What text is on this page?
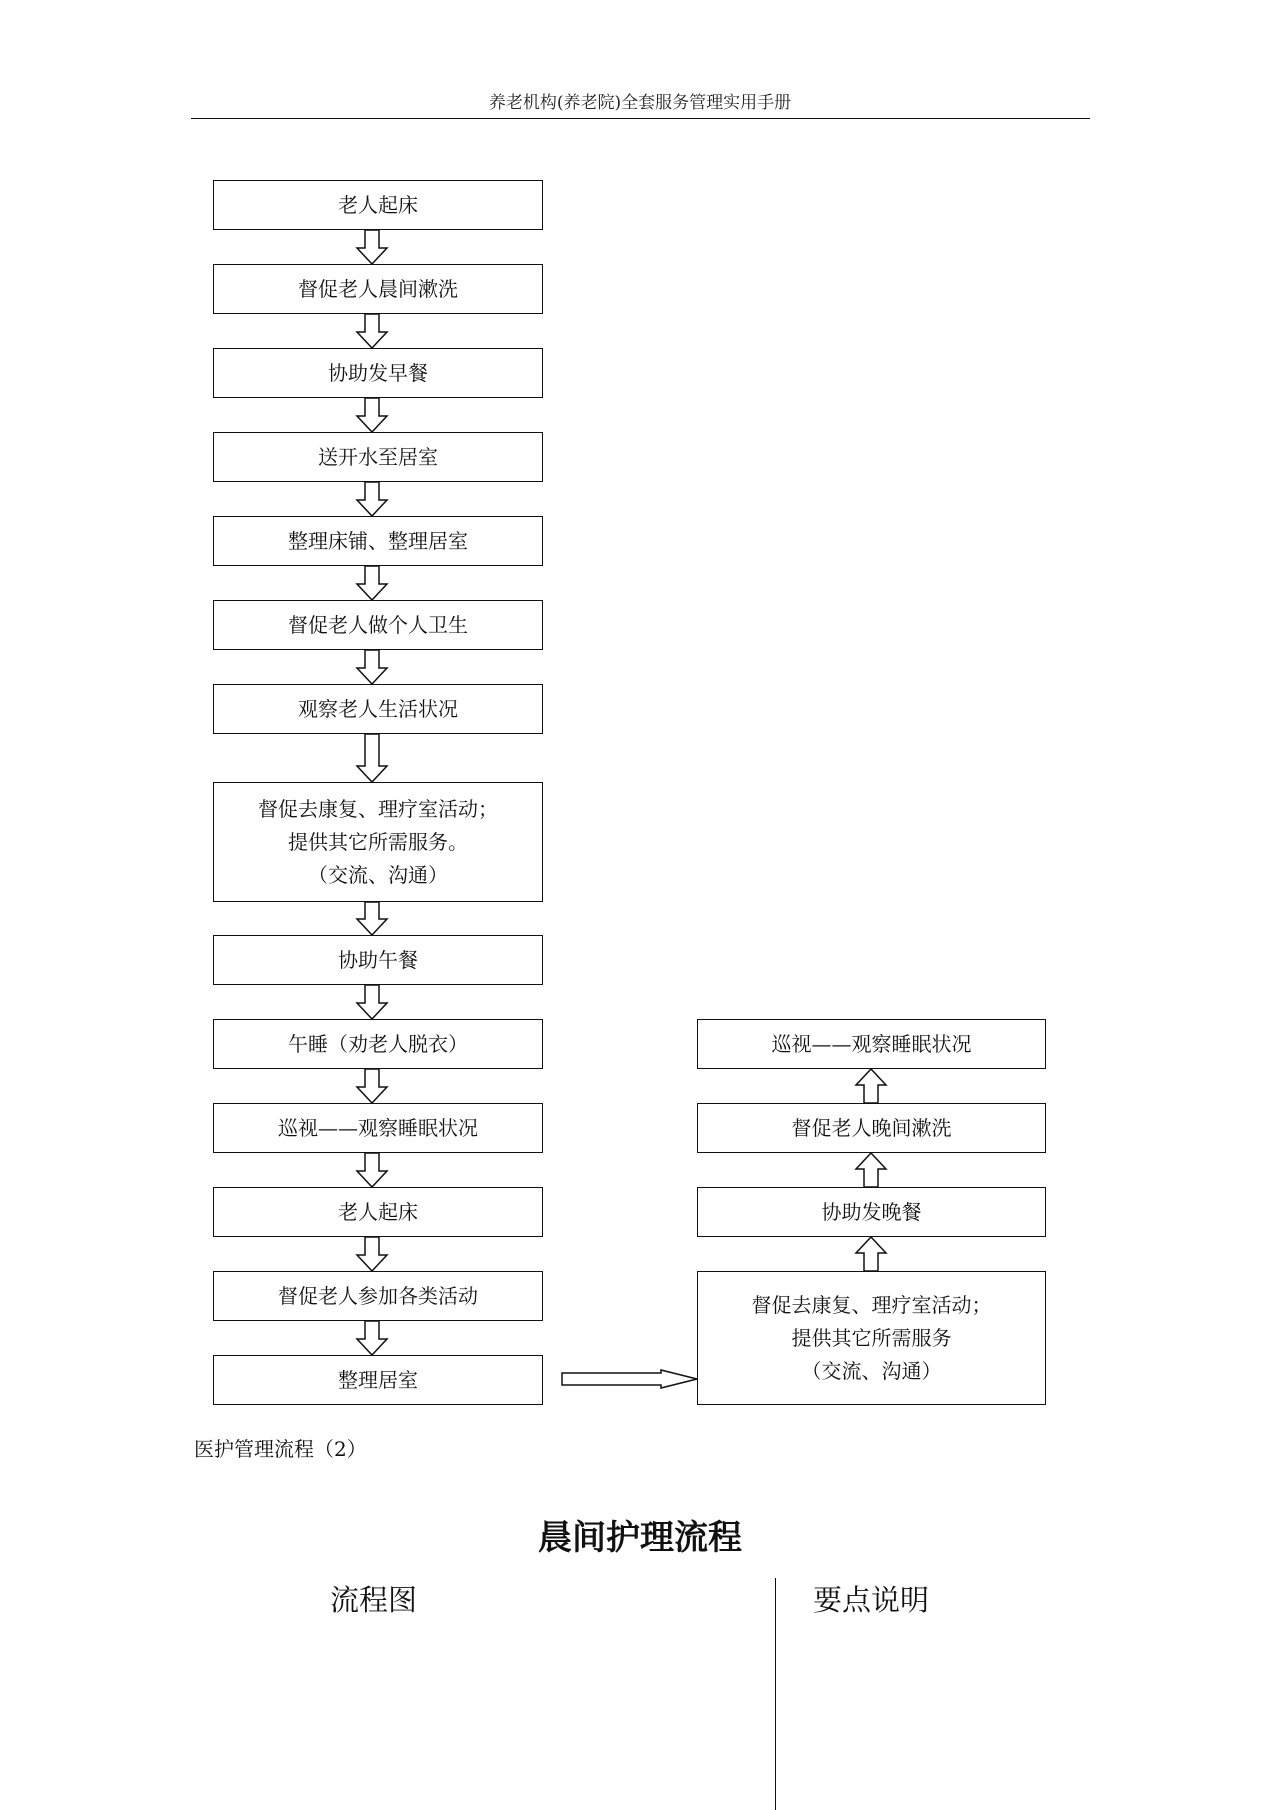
养老机构(养老院)全套服务管理实用手册
老人起床
督促老人晨间漱洗
协助发早餐
送开水至居室
整理床铺、整理居室
督促老人做个人卫生
观察老人生活状况
督促去康复、理疗室活动；
提供其它所需服务。
（交流、沟通）
协助午餐
午睡（劝老人脱衣）
巡视——观察睡眠状况
老人起床
督促老人参加各类活动
整理居室
巡视——观察睡眠状况
督促老人晚间漱洗
协助发晚餐
督促去康复、理疗室活动；
提供其它所需服务
（交流、沟通）
医护管理流程（2）
晨间护理流程
流程图	要点说明
